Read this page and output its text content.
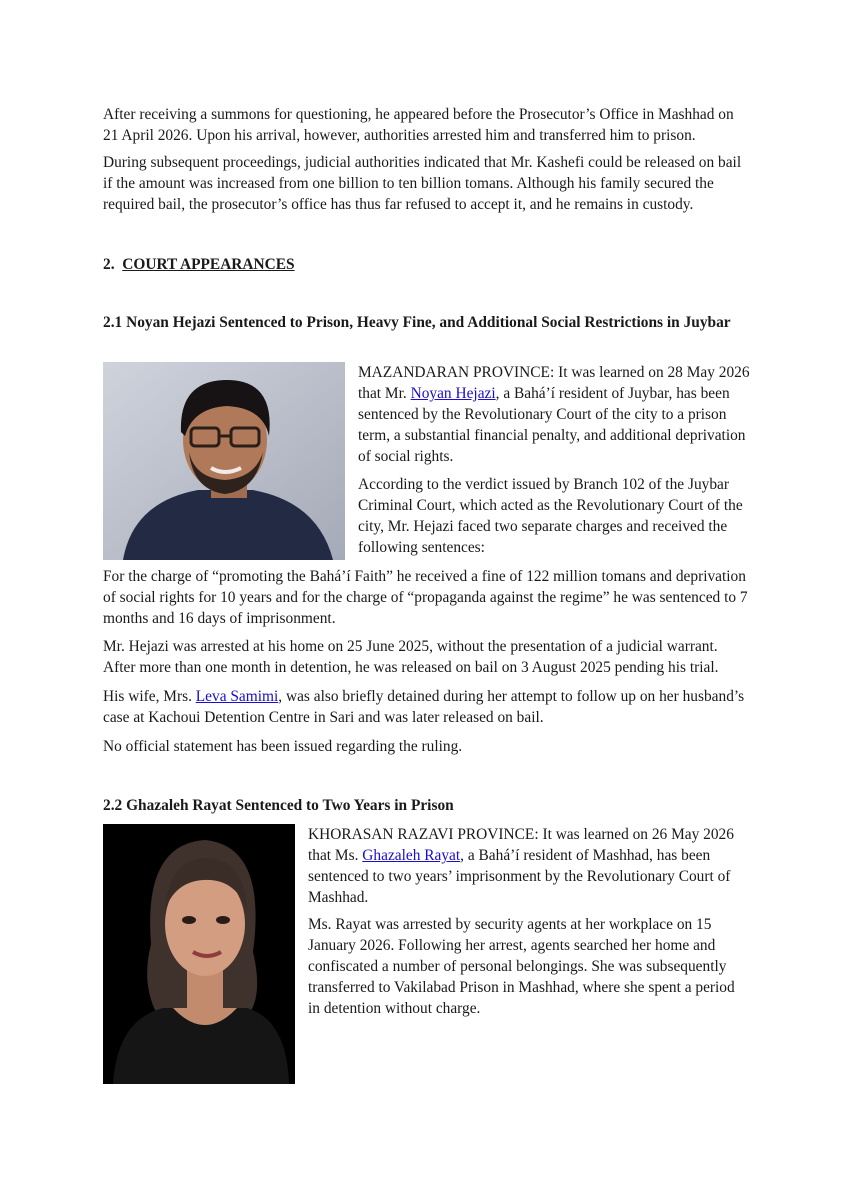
After receiving a summons for questioning, he appeared before the Prosecutor’s Office in Mashhad on 21 April 2026. Upon his arrival, however, authorities arrested him and transferred him to prison.

During subsequent proceedings, judicial authorities indicated that Mr. Kashefi could be released on bail if the amount was increased from one billion to ten billion tomans. Although his family secured the required bail, the prosecutor’s office has thus far refused to accept it, and he remains in custody.

2. COURT APPEARANCES
2.1 Noyan Hejazi Sentenced to Prison, Heavy Fine, and Additional Social Restrictions in Juybar

MAZANDARAN PROVINCE: It was learned on 28 May 2026 that Mr. Noyan Hejazi, a Bahá’í resident of Juybar, has been sentenced by the Revolutionary Court of the city to a prison term, a substantial financial penalty, and additional deprivation of social rights.

According to the verdict issued by Branch 102 of the Juybar Criminal Court, which acted as the Revolutionary Court of the city, Mr. Hejazi faced two separate charges and received the following sentences:

For the charge of “promoting the Bahá’í Faith” he received a fine of 122 million tomans and deprivation of social rights for 10 years and for the charge of “propaganda against the regime” he was sentenced to 7 months and 16 days of imprisonment.

Mr. Hejazi was arrested at his home on 25 June 2025, without the presentation of a judicial warrant. After more than one month in detention, he was released on bail on 3 August 2025 pending his trial.

His wife, Mrs. Leva Samimi, was also briefly detained during her attempt to follow up on her husband’s case at Kachoui Detention Centre in Sari and was later released on bail.

No official statement has been issued regarding the ruling.

2.2 Ghazaleh Rayat Sentenced to Two Years in Prison

KHORASAN RAZAVI PROVINCE: It was learned on 26 May 2026 that Ms. Ghazaleh Rayat, a Bahá’í resident of Mashhad, has been sentenced to two years’ imprisonment by the Revolutionary Court of Mashhad.

Ms. Rayat was arrested by security agents at her workplace on 15 January 2026. Following her arrest, agents searched her home and confiscated a number of personal belongings. She was subsequently transferred to Vakilabad Prison in Mashhad, where she spent a period in detention without charge.
